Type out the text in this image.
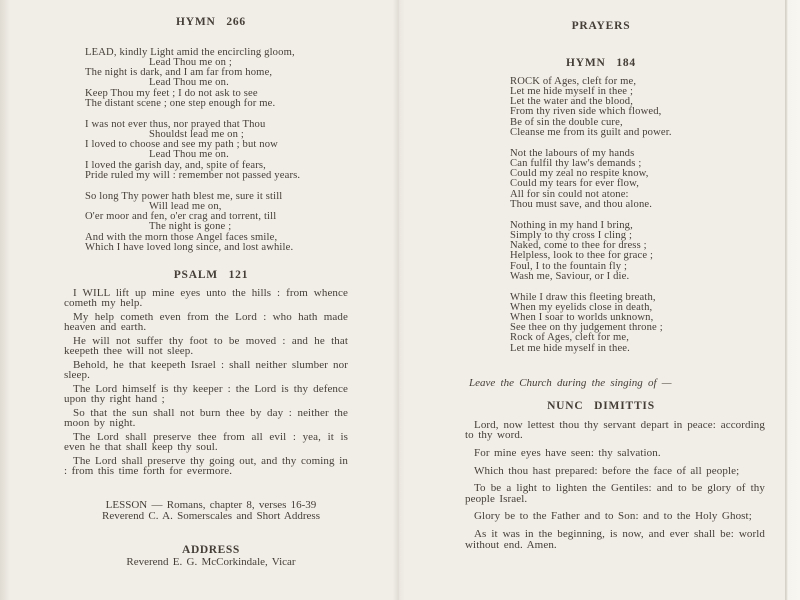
HYMN 266
LEAD, kindly Light amid the encircling gloom,
Lead Thou me on ;
The night is dark, and I am far from home,
Lead Thou me on.
Keep Thou my feet ; I do not ask to see
The distant scene ; one step enough for me.
I was not ever thus, nor prayed that Thou
Shouldst lead me on ;
I loved to choose and see my path ; but now
Lead Thou me on.
I loved the garish day, and, spite of fears,
Pride ruled my will : remember not passed years.
So long Thy power hath blest me, sure it still
Will lead me on,
O'er moor and fen, o'er crag and torrent, till
The night is gone ;
And with the morn those Angel faces smile,
Which I have loved long since, and lost awhile.
PSALM 121

I WILL lift up mine eyes unto the hills : from whence cometh my help.

My help cometh even from the Lord : who hath made heaven and earth.

He will not suffer thy foot to be moved : and he that keepeth thee will not sleep.

Behold, he that keepeth Israel : shall neither slumber nor sleep.

The Lord himself is thy keeper : the Lord is thy defence upon thy right hand ;

So that the sun shall not burn thee by day : neither the moon by night.

The Lord shall preserve thee from all evil : yea, it is even he that shall keep thy soul.

The Lord shall preserve thy going out, and thy coming in : from this time forth for evermore.

LESSON — Romans, chapter 8, verses 16-39
Reverend C. A. Somerscales and Short Address
ADDRESS
Reverend E. G. McCorkindale, Vicar
PRAYERS
HYMN 184
ROCK of Ages, cleft for me,
Let me hide myself in thee ;
Let the water and the blood,
From thy riven side which flowed,
Be of sin the double cure,
Cleanse me from its guilt and power.
Not the labours of my hands
Can fulfil thy law's demands ;
Could my zeal no respite know,
Could my tears for ever flow,
All for sin could not atone:
Thou must save, and thou alone.
Nothing in my hand I bring,
Simply to thy cross I cling ;
Naked, come to thee for dress ;
Helpless, look to thee for grace ;
Foul, I to the fountain fly ;
Wash me, Saviour, or I die.
While I draw this fleeting breath,
When my eyelids close in death,
When I soar to worlds unknown,
See thee on thy judgement throne ;
Rock of Ages, cleft for me,
Let me hide myself in thee.
Leave the Church during the singing of —
NUNC DIMITTIS

Lord, now lettest thou thy servant depart in peace: according to thy word.

For mine eyes have seen: thy salvation.

Which thou hast prepared: before the face of all people;

To be a light to lighten the Gentiles: and to be glory of thy people Israel.

Glory be to the Father and to Son: and to the Holy Ghost;

As it was in the beginning, is now, and ever shall be: world without end. Amen.
